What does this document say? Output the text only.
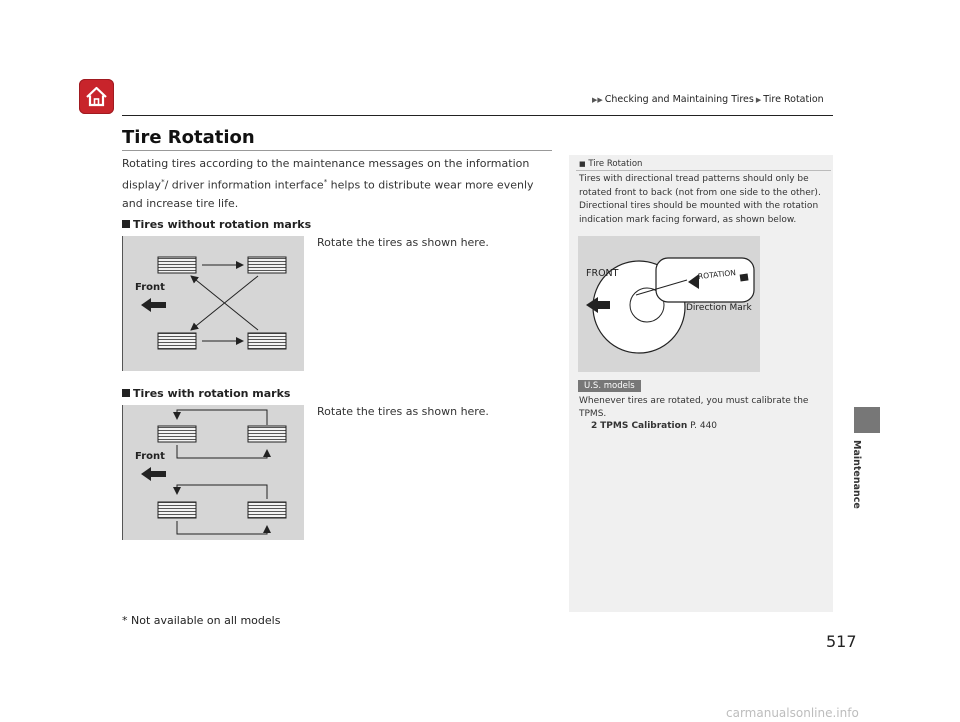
▶▶ Checking and Maintaining Tires ▶ Tire Rotation
Tire Rotation
Rotating tires according to the maintenance messages on the information display*/ driver information interface* helps to distribute wear more evenly and increase tire life.
Tires without rotation marks
Rotate the tires as shown here.
Front
Tires with rotation marks
Rotate the tires as shown here.
Front
■ Tire Rotation
Tires with directional tread patterns should only be rotated front to back (not from one side to the other). Directional tires should be mounted with the rotation indication mark facing forward, as shown below.
FRONT	ROTATION
Direction Mark
U.S. models
Whenever tires are rotated, you must calibrate the TPMS.
2 TPMS Calibration P. 440
Maintenance
* Not available on all models
517
carmanualsonline.info
